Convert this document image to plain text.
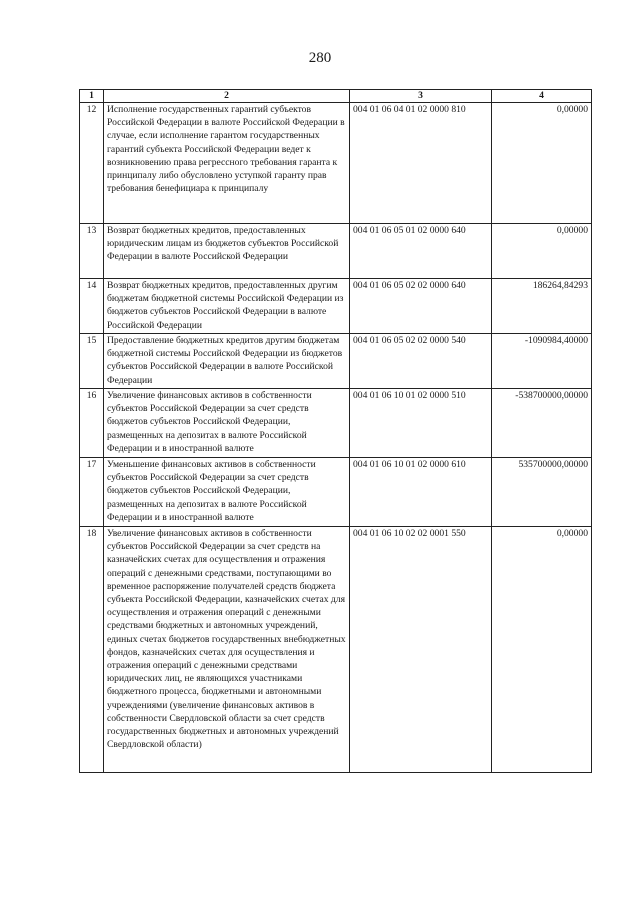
280
1	2	3	4
12	Исполнение государственных гарантий субъектов Российской Федерации в валюте Российской Федерации в случае, если исполнение гарантом государственных гарантий субъекта Российской Федерации ведет к возникновению права регрессного требования гаранта к принципалу либо обусловлено уступкой гаранту прав требования бенефициара к принципалу	004 01 06 04 01 02 0000 810	0,00000
13	Возврат бюджетных кредитов, предоставленных юридическим лицам из бюджетов субъектов Российской Федерации в валюте Российской Федерации	004 01 06 05 01 02 0000 640	0,00000
14	Возврат бюджетных кредитов, предоставленных другим бюджетам бюджетной системы Российской Федерации из бюджетов субъектов Российской Федерации в валюте Российской Федерации	004 01 06 05 02 02 0000 640	186264,84293
15	Предоставление бюджетных кредитов другим бюджетам бюджетной системы Российской Федерации из бюджетов субъектов Российской Федерации в валюте Российской Федерации	004 01 06 05 02 02 0000 540	-1090984,40000
16	Увеличение финансовых активов в собственности субъектов Российской Федерации за счет средств бюджетов субъектов Российской Федерации, размещенных на депозитах в валюте Российской Федерации и в иностранной валюте	004 01 06 10 01 02 0000 510	-538700000,00000
17	Уменьшение финансовых активов в собственности субъектов Российской Федерации за счет средств бюджетов субъектов Российской Федерации, размещенных на депозитах в валюте Российской Федерации и в иностранной валюте	004 01 06 10 01 02 0000 610	535700000,00000
18	Увеличение финансовых активов в собственности субъектов Российской Федерации за счет средств на казначейских счетах для осуществления и отражения операций с денежными средствами, поступающими во временное распоряжение получателей средств бюджета субъекта Российской Федерации, казначейских счетах для осуществления и отражения операций с денежными средствами бюджетных и автономных учреждений, единых счетах бюджетов государственных внебюджетных фондов, казначейских счетах для осуществления и отражения операций с денежными средствами юридических лиц, не являющихся участниками бюджетного процесса, бюджетными и автономными учреждениями (увеличение финансовых активов в собственности Свердловской области за счет средств государственных бюджетных и автономных учреждений Свердловской области)	004 01 06 10 02 02 0001 550	0,00000
